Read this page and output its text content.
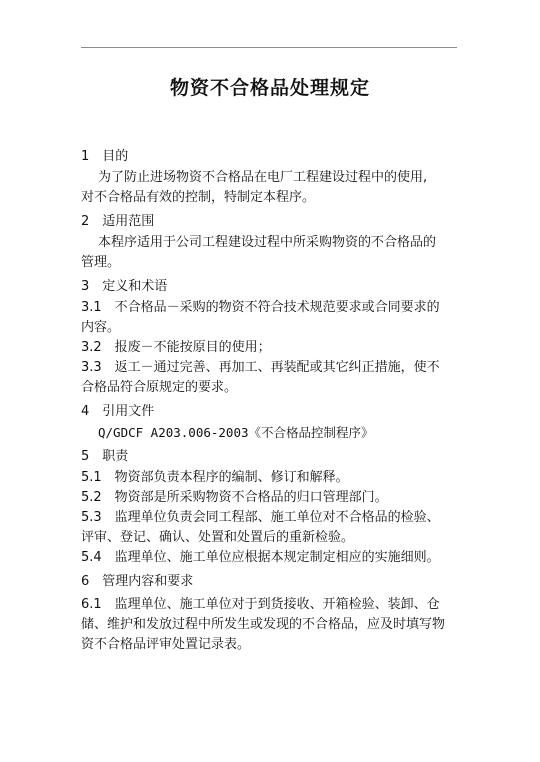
物资不合格品处理规定
1　目的
为了防止进场物资不合格品在电厂工程建设过程中的使用,
对不合格品有效的控制，特制定本程序。
2　适用范围
本程序适用于公司工程建设过程中所采购物资的不合格品的
管理。
3　定义和术语
3.1　不合格品－采购的物资不符合技术规范要求或合同要求的
内容。
3.2　报废－不能按原目的使用；
3.3　返工－通过完善、再加工、再装配或其它纠正措施，使不
合格品符合原规定的要求。
4　引用文件
Q/GDCF A203.006-2003《不合格品控制程序》
5　职责
5.1　物资部负责本程序的编制、修订和解释。
5.2　物资部是所采购物资不合格品的归口管理部门。
5.3　监理单位负责会同工程部、施工单位对不合格品的检验、
评审、登记、确认、处置和处置后的重新检验。
5.4　监理单位、施工单位应根据本规定制定相应的实施细则。
6　管理内容和要求
6.1　监理单位、施工单位对于到货接收、开箱检验、装卸、仓
储、维护和发放过程中所发生或发现的不合格品，应及时填写物
资不合格品评审处置记录表。
